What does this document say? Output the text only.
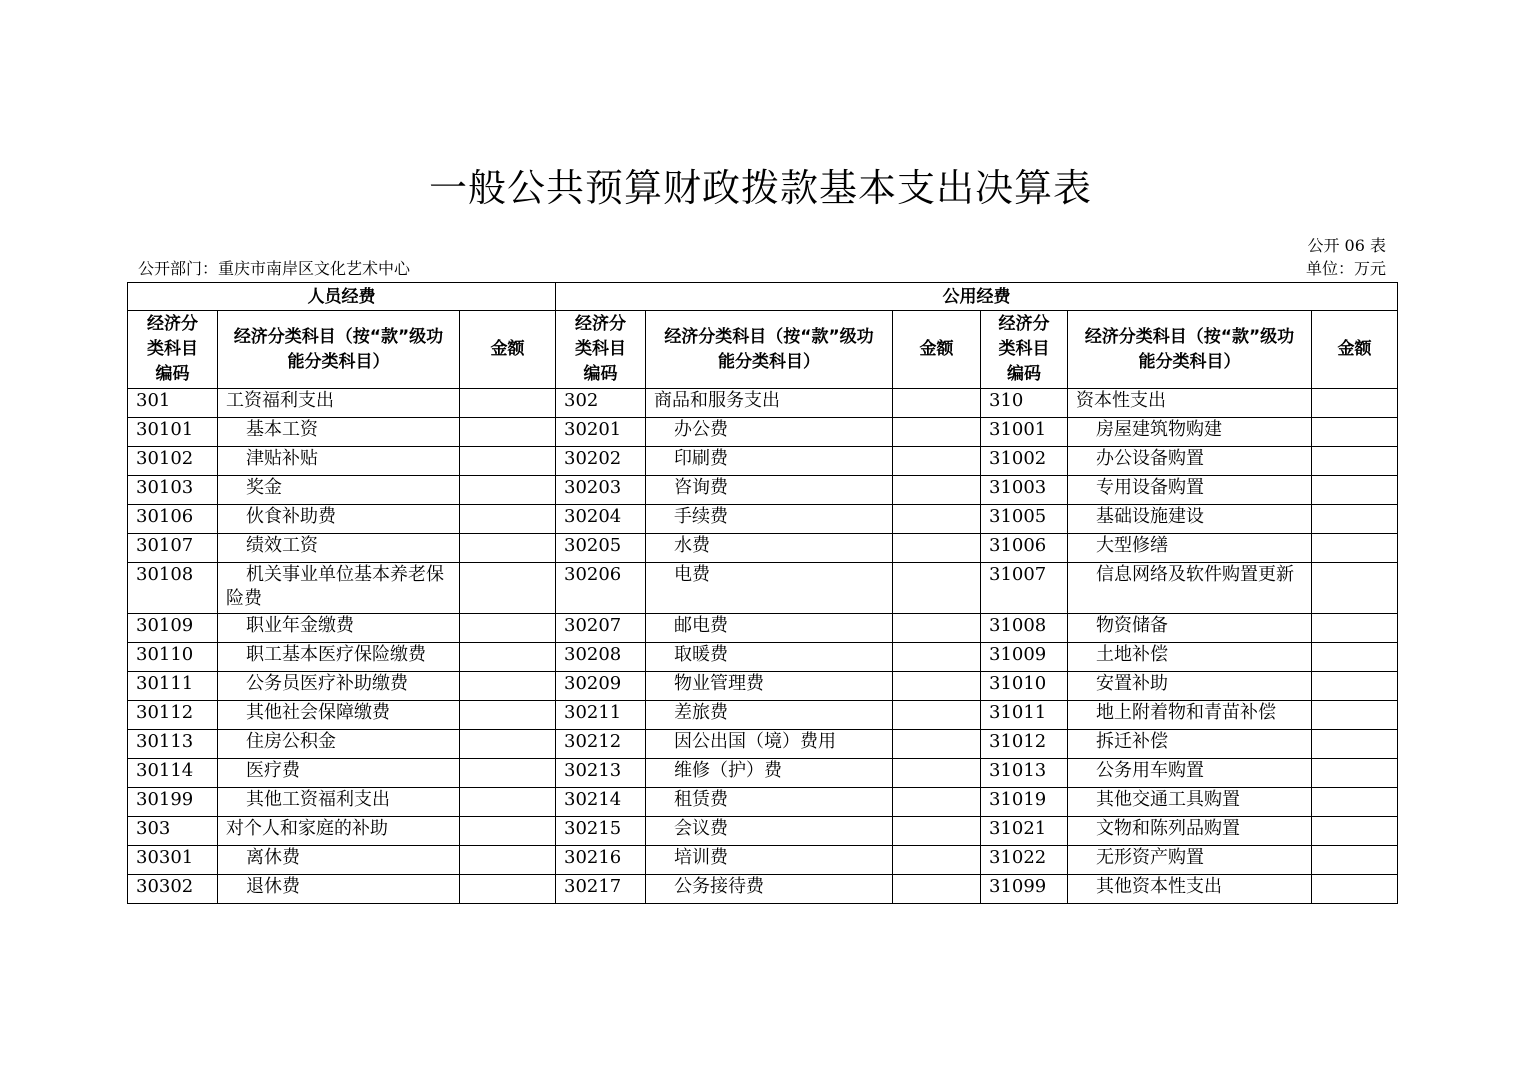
一般公共预算财政拨款基本支出决算表
公开 06 表
公开部门：重庆市南岸区文化艺术中心	单位：万元
人员经费			公用经费					
经济分类科目编码	经济分类科目（按“款”级功能分类科目）	金额	经济分类科目编码	经济分类科目（按“款”级功能分类科目）	金额	经济分类科目编码	经济分类科目（按“款”级功能分类科目）	金额
301	工资福利支出		302	商品和服务支出		310	资本性支出	
30101	基本工资		30201	办公费		31001	房屋建筑物购建	
30102	津贴补贴		30202	印刷费		31002	办公设备购置	
30103	奖金		30203	咨询费		31003	专用设备购置	
30106	伙食补助费		30204	手续费		31005	基础设施建设	
30107	绩效工资		30205	水费		31006	大型修缮	
30108	机关事业单位基本养老保险费		30206	电费		31007	信息网络及软件购置更新	
30109	职业年金缴费		30207	邮电费		31008	物资储备	
30110	职工基本医疗保险缴费		30208	取暖费		31009	土地补偿	
30111	公务员医疗补助缴费		30209	物业管理费		31010	安置补助	
30112	其他社会保障缴费		30211	差旅费		31011	地上附着物和青苗补偿	
30113	住房公积金		30212	因公出国（境）费用		31012	拆迁补偿	
30114	医疗费		30213	维修（护）费		31013	公务用车购置	
30199	其他工资福利支出		30214	租赁费		31019	其他交通工具购置	
303	对个人和家庭的补助		30215	会议费		31021	文物和陈列品购置	
30301	离休费		30216	培训费		31022	无形资产购置	
30302	退休费		30217	公务接待费		31099	其他资本性支出	
